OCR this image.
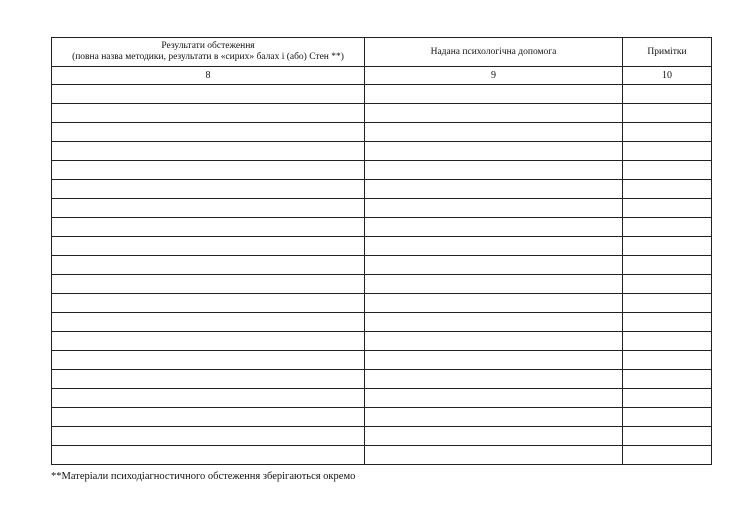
Результати обстеження
(повна назва методики, результати в «сирих» балах і (або) Стен **)	Надана психологічна допомога	Примітки

8	9	10

**Матеріали психодіагностичного обстеження зберігаються окремо
